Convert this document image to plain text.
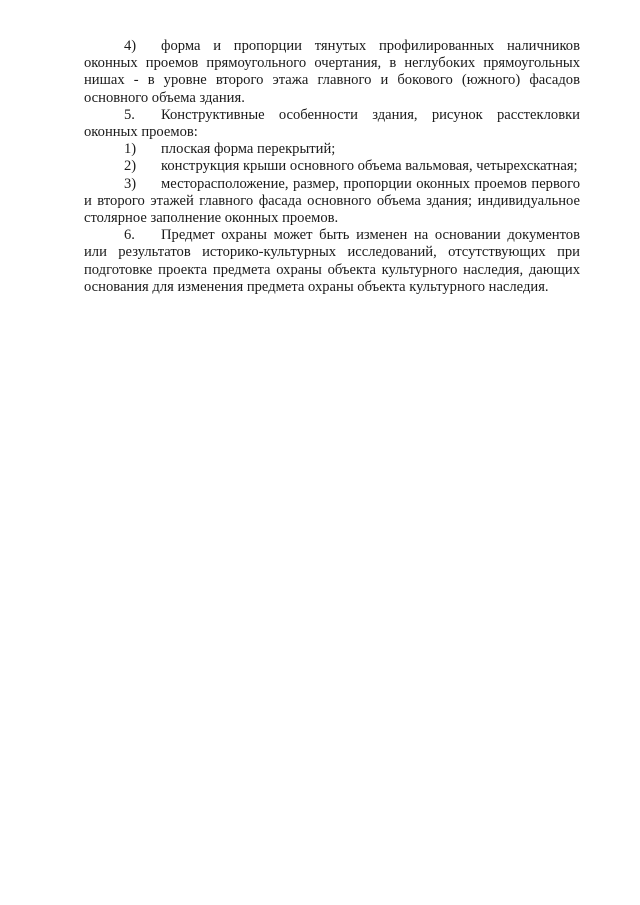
4) форма и пропорции тянутых профилированных наличников оконных проемов прямоугольного очертания, в неглубоких прямоугольных нишах - в уровне второго этажа главного и бокового (южного) фасадов основного объема здания.

5. Конструктивные особенности здания, рисунок расстекловки оконных проемов:

1) плоская форма перекрытий;

2) конструкция крыши основного объема вальмовая, четырехскатная;

3) месторасположение, размер, пропорции оконных проемов первого и второго этажей главного фасада основного объема здания; индивидуальное столярное заполнение оконных проемов.

6. Предмет охраны может быть изменен на основании документов или результатов историко-культурных исследований, отсутствующих при подготовке проекта предмета охраны объекта культурного наследия, дающих основания для изменения предмета охраны объекта культурного наследия.
